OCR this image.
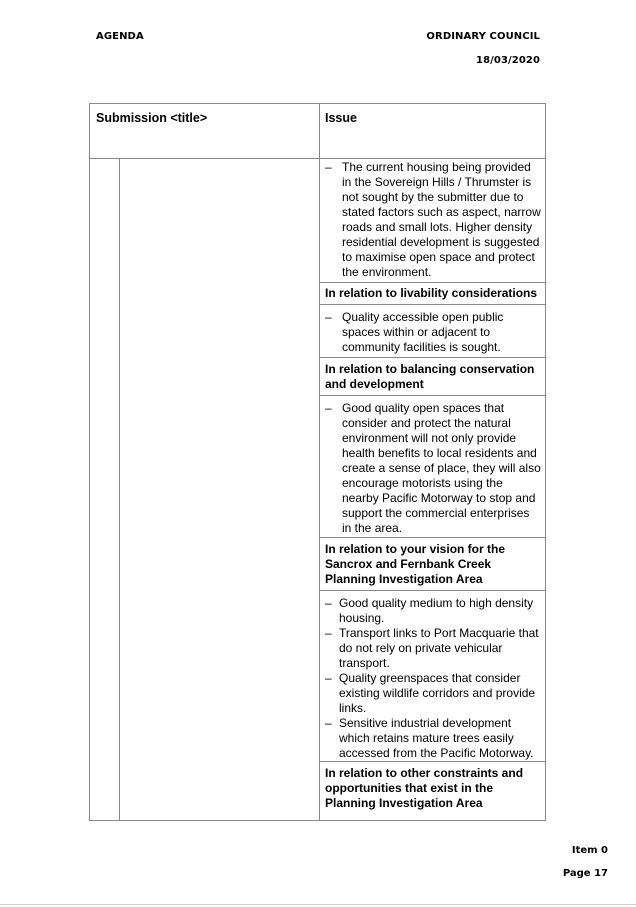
AGENDA	ORDINARY COUNCIL
18/03/2020
Submission <title>	Issue
– The current housing being provided in the Sovereign Hills / Thrumster is not sought by the submitter due to stated factors such as aspect, narrow roads and small lots. Higher density residential development is suggested to maximise open space and protect the environment.
In relation to livability considerations
– Quality accessible open public spaces within or adjacent to community facilities is sought.
In relation to balancing conservation and development
– Good quality open spaces that consider and protect the natural environment will not only provide health benefits to local residents and create a sense of place, they will also encourage motorists using the nearby Pacific Motorway to stop and support the commercial enterprises in the area.
In relation to your vision for the Sancrox and Fernbank Creek Planning Investigation Area
– Good quality medium to high density housing.
– Transport links to Port Macquarie that do not rely on private vehicular transport.
– Quality greenspaces that consider existing wildlife corridors and provide links.
– Sensitive industrial development which retains mature trees easily accessed from the Pacific Motorway.
In relation to other constraints and opportunities that exist in the Planning Investigation Area
Item 0
Page 17
